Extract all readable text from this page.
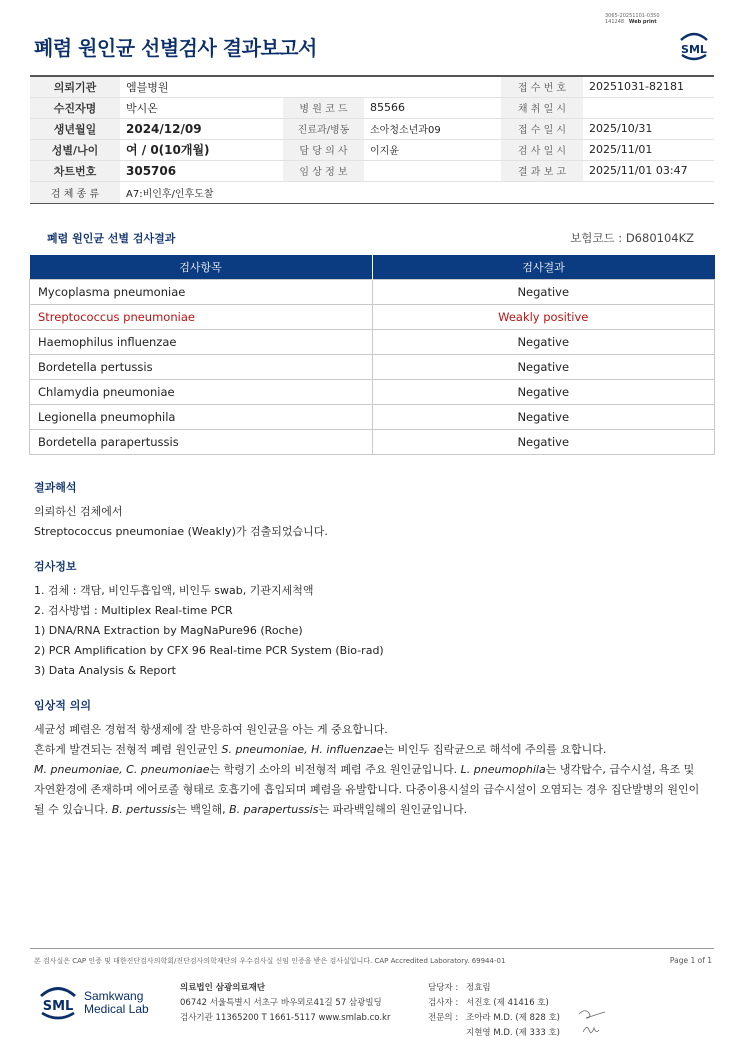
3065-20251101-0350
141248 Web print
폐렴 원인균 선별검사 결과보고서	SML
의뢰기관	엠블병원			접 수 번 호	20251031-82181
수진자명	박시온	병 원 코 드	85566	채 취 일 시	
생년월일	2024/12/09	진료과/병동	소아청소년과09	접 수 일 시	2025/10/31
성별/나이	여 / 0(10개월)	담 당 의 사	이지윤	검 사 일 시	2025/11/01
차트번호	305706	임 상 정 보		결 과 보 고	2025/11/01 03:47
검 체 종 류	A7:비인후/인후도찰				
폐렴 원인균 선별 검사결과	보험코드 : D680104KZ
검사항목	검사결과
Mycoplasma pneumoniae	Negative
Streptococcus pneumoniae	Weakly positive
Haemophilus influenzae	Negative
Bordetella pertussis	Negative
Chlamydia pneumoniae	Negative
Legionella pneumophila	Negative
Bordetella parapertussis	Negative
결과해석
의뢰하신 검체에서
Streptococcus pneumoniae (Weakly)가 검출되었습니다.
검사정보
1. 검체 : 객담, 비인두흡입액, 비인두 swab, 기관지세척액
2. 검사방법 : Multiplex Real-time PCR
1) DNA/RNA Extraction by MagNaPure96 (Roche)
2) PCR Amplification by CFX 96 Real-time PCR System (Bio-rad)
3) Data Analysis & Report
임상적 의의
세균성 폐렴은 경험적 항생제에 잘 반응하여 원인균을 아는 게 중요합니다.
흔하게 발견되는 전형적 폐렴 원인균인 S. pneumoniae, H. influenzae는 비인두 집락균으로 해석에 주의를 요합니다.
M. pneumoniae, C. pneumoniae는 학령기 소아의 비전형적 폐렴 주요 원인균입니다. L. pneumophila는 냉각탑수, 급수시설, 욕조 및
자연환경에 존재하며 에어로졸 형태로 호흡기에 흡입되며 폐렴을 유발합니다. 다중이용시설의 급수시설이 오염되는 경우 집단발병의 원인이
될 수 있습니다. B. pertussis는 백일해, B. parapertussis는 파라백일해의 원인균입니다.
본 검사실은 CAP 인증 및 대한진단검사의학회/진단검사의학재단의 우수검사실 신임 인증을 받은 검사실입니다. CAP Accredited Laboratory. 69944-01	Page 1 of 1
SML
Samkwang
Medical Lab
의료법인 삼광의료재단
06742 서울특별시 서초구 바우뫼로41길 57 삼광빌딩
검사기관 11365200 T 1661-5117 www.smlab.co.kr
담당자 : 정효림
검사자 : 서진호 (제 41416 호)
전문의 : 조아라 M.D. (제 828 호)
지현영 M.D. (제 333 호)
